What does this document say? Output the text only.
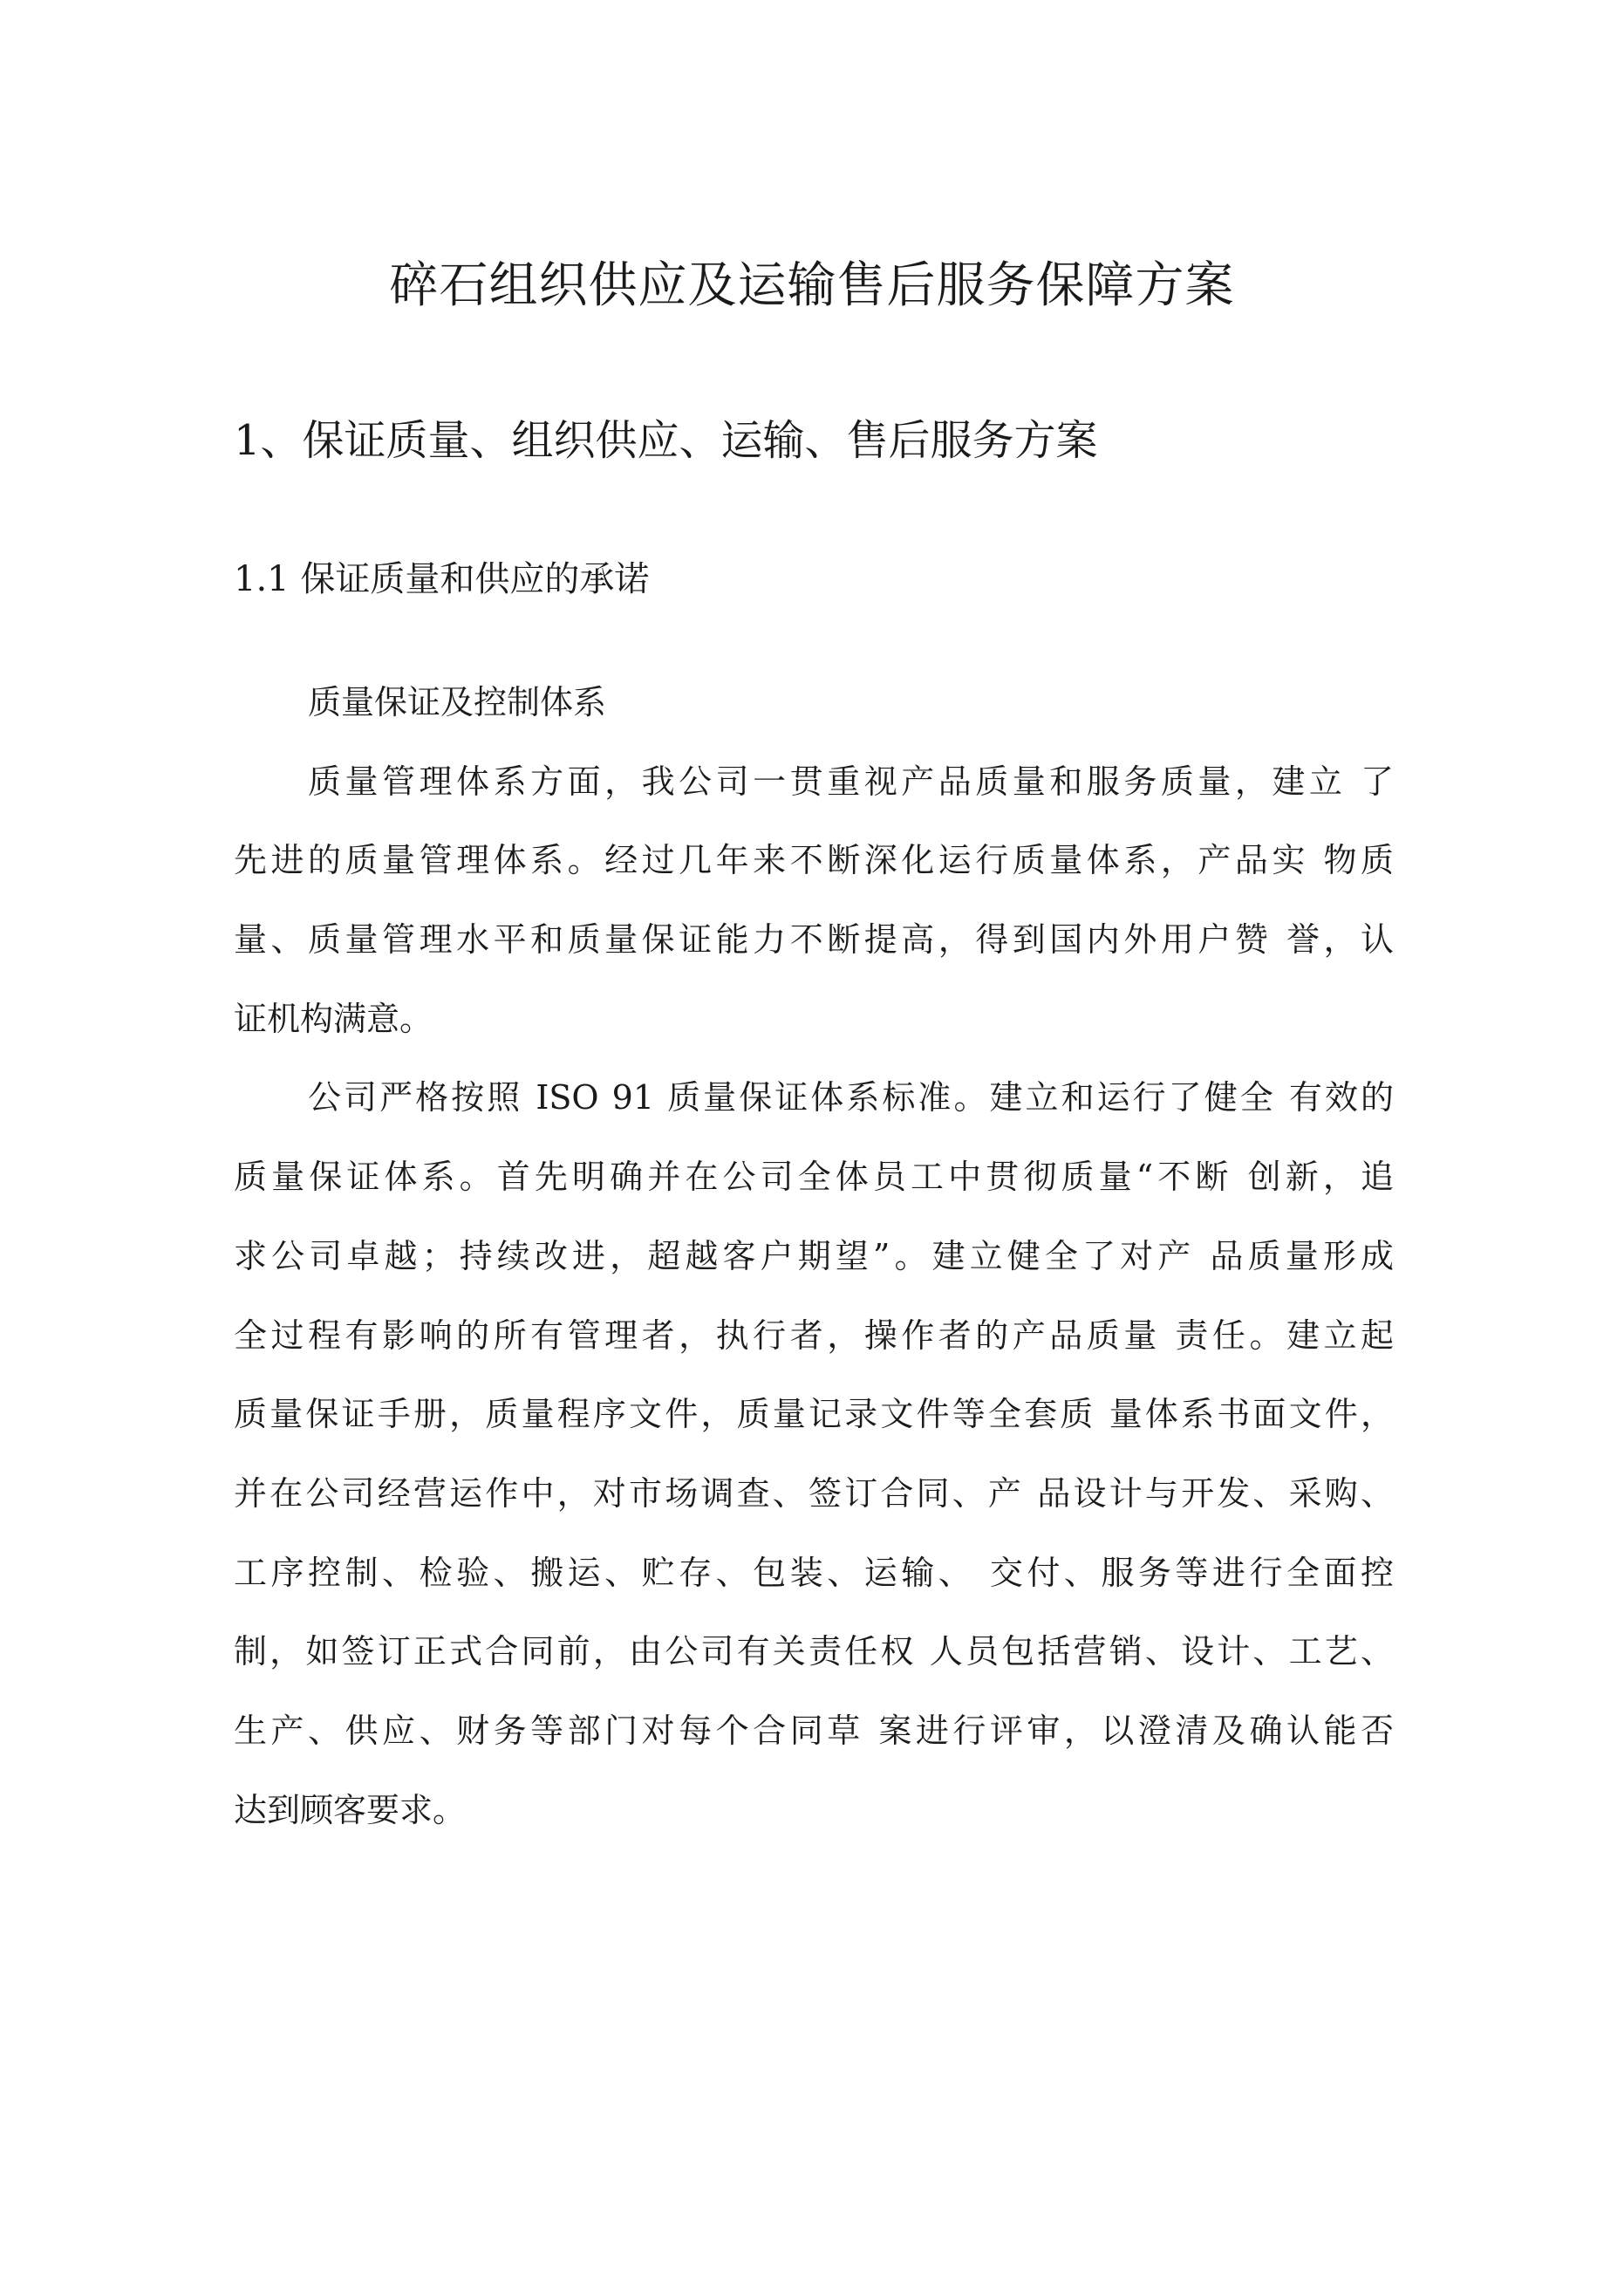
碎石组织供应及运输售后服务保障方案
1、保证质量、组织供应、运输、售后服务方案
1.1 保证质量和供应的承诺
质量保证及控制体系
质量管理体系方面，我公司一贯重视产品质量和服务质量，建立 了
先进的质量管理体系。经过几年来不断深化运行质量体系，产品实 物质
量、质量管理水平和质量保证能力不断提高，得到国内外用户赞 誉，认
证机构满意。
公司严格按照 ISO 91 质量保证体系标准。建立和运行了健全 有效的
质量保证体系。首先明确并在公司全体员工中贯彻质量“不断 创新，追
求公司卓越；持续改进，超越客户期望”。建立健全了对产 品质量形成
全过程有影响的所有管理者，执行者，操作者的产品质量 责任。建立起
质量保证手册，质量程序文件，质量记录文件等全套质 量体系书面文件，
并在公司经营运作中，对市场调查、签订合同、产 品设计与开发、采购、
工序控制、检验、搬运、贮存、包装、运输、 交付、服务等进行全面控
制，如签订正式合同前，由公司有关责任权 人员包括营销、设计、工艺、
生产、供应、财务等部门对每个合同草 案进行评审，以澄清及确认能否
达到顾客要求。
